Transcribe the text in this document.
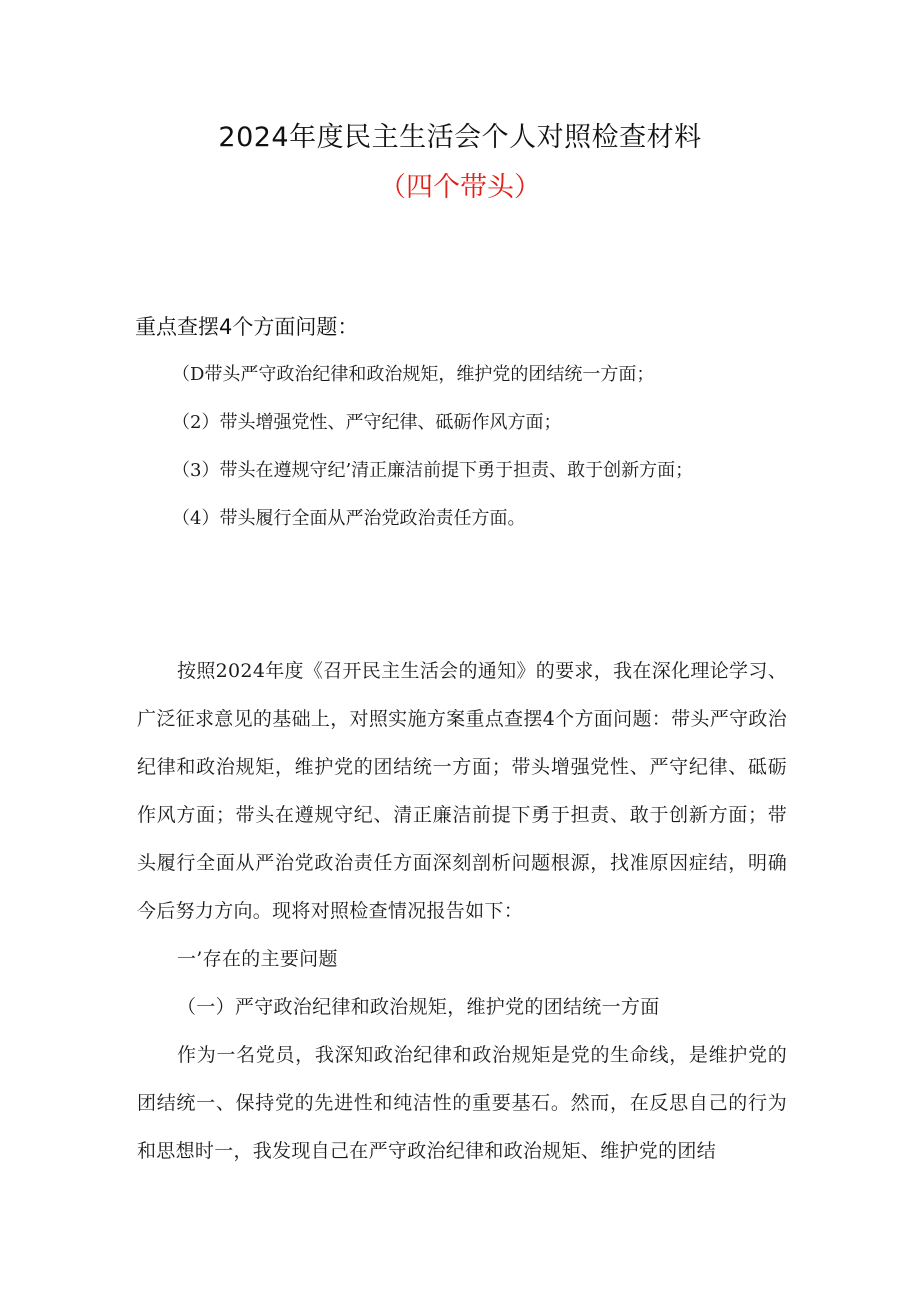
2024年度民主生活会个人对照检查材料
（四个带头）
重点查摆4个方面问题：
（D带头严守政治纪律和政治规矩，维护党的团结统一方面；
（2）带头增强党性、严守纪律、砥砺作风方面；
（3）带头在遵规守纪’清正廉洁前提下勇于担责、敢于创新方面；
（4）带头履行全面从严治党政治责任方面。

按照2024年度《召开民主生活会的通知》的要求，我在深化理论学习、广泛征求意见的基础上，对照实施方案重点查摆4个方面问题：带头严守政治纪律和政治规矩，维护党的团结统一方面；带头增强党性、严守纪律、砥砺作风方面；带头在遵规守纪、清正廉洁前提下勇于担责、敢于创新方面；带头履行全面从严治党政治责任方面深刻剖析问题根源，找准原因症结，明确今后努力方向。现将对照检查情况报告如下：

一’存在的主要问题

（一）严守政治纪律和政治规矩，维护党的团结统一方面

作为一名党员，我深知政治纪律和政治规矩是党的生命线，是维护党的团结统一、保持党的先进性和纯洁性的重要基石。然而，在反思自己的行为和思想时一，我发现自己在严守政治纪律和政治规矩、维护党的团结
